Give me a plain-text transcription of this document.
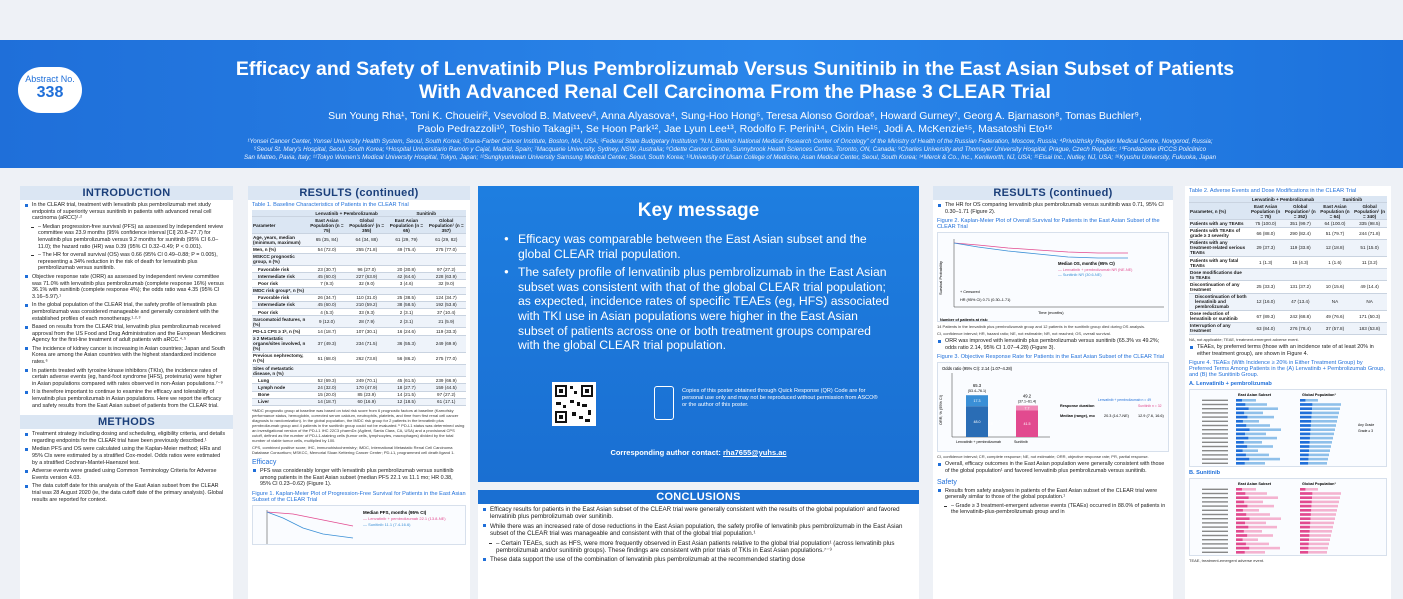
Abstract No.
338
Efficacy and Safety of Lenvatinib Plus Pembrolizumab Versus Sunitinib in the East Asian Subset of Patients
With Advanced Renal Cell Carcinoma From the Phase 3 CLEAR Trial
Sun Young Rha¹, Toni K. Choueiri², Vsevolod B. Matveev³, Anna Alyasova⁴, Sung-Hoo Hong⁵, Teresa Alonso Gordoa⁶, Howard Gurney⁷, Georg A. Bjarnason⁸, Tomas Buchler⁹,
Paolo Pedrazzoli¹⁰, Toshio Takagi¹¹, Se Hoon Park¹², Jae Lyun Lee¹³, Rodolfo F. Perini¹⁴, Cixin He¹⁵, Jodi A. McKenzie¹⁵, Masatoshi Eto¹⁶
¹Yonsei Cancer Center, Yonsei University Health System, Seoul, South Korea; ²Dana-Farber Cancer Institute, Boston, MA, USA; ³Federal State Budgetary Institution "N.N. Blokhin National Medical Research Center of Oncology" of the Ministry of Health of the Russian Federation, Moscow, Russia; ⁴Privolzhsky Region Medical Centre, Novgorod, Russia;
⁵Seoul St. Mary's Hospital, Seoul, South Korea; ⁶Hospital Universitario Ramón y Cajal, Madrid, Spain; ⁷Macquarie University, Sydney, NSW, Australia; ⁸Odette Cancer Centre, Sunnybrook Health Sciences Centre, Toronto, ON, Canada; ⁹Charles University and Thomayer University Hospital, Prague, Czech Republic; ¹⁰Fondazione IRCCS Policlinico
San Matteo, Pavia, Italy; ¹¹Tokyo Women's Medical University Hospital, Tokyo, Japan; ¹²Sungkyunkwan University Samsung Medical Center, Seoul, South Korea; ¹³University of Ulsan College of Medicine, Asan Medical Center, Seoul, South Korea; ¹⁴Merck & Co., Inc., Kenilworth, NJ, USA; ¹⁵Eisai Inc., Nutley, NJ, USA; ¹⁶Kyushu University, Fukuoka, Japan
INTRODUCTION
In the CLEAR trial, treatment with lenvatinib plus pembrolizumab met study endpoints of superiority versus sunitinib in patients with advanced renal cell carcinoma (aRCC)¹·²
– Median progression-free survival (PFS) as assessed by independent review committee was 23.9 months (95% confidence interval [CI] 20.8–27.7) for lenvatinib plus pembrolizumab versus 9.2 months for sunitinib (95% CI 6.0–11.0); the hazard ratio (HR) was 0.39 (95% CI 0.32–0.49; P < 0.001).
– The HR for overall survival (OS) was 0.66 (95% CI 0.49–0.88; P = 0.005), representing a 34% reduction in the risk of death for lenvatinib plus pembrolizumab versus sunitinib.
Objective response rate (ORR) as assessed by independent review committee was 71.0% with lenvatinib plus pembrolizumab (complete response 16%) versus 36.1% with sunitinib (complete response 4%); the odds ratio was 4.35 (95% CI 3.16–5.97).¹
In the global population of the CLEAR trial, the safety profile of lenvatinib plus pembrolizumab was considered manageable and generally consistent with the established profiles of each monotherapy.¹·²·³
Based on results from the CLEAR trial, lenvatinib plus pembrolizumab received approval from the US Food and Drug Administration and the European Medicines Agency for the first-line treatment of adult patients with aRCC.⁴·⁵
The incidence of kidney cancer is increasing in Asian countries; Japan and South Korea are among the Asian countries with the highest standardized incidence rates.⁶
In patients treated with tyrosine kinase inhibitors (TKIs), the incidence rates of certain adverse events (eg, hand-foot syndrome [HFS], proteinuria) were higher in Asian populations compared with rates observed in non-Asian populations.⁷⁻⁹
It is therefore important to continue to examine the efficacy and tolerability of lenvatinib plus pembrolizumab in Asian populations. Here we report the efficacy and safety results from the East Asian subset of patients from the CLEAR trial.
METHODS
Treatment strategy including dosing and scheduling, eligibility criteria, and details regarding endpoints for the CLEAR trial have been previously described.¹
Median PFS and OS were calculated using the Kaplan-Meier method; HRs and 95% CIs were estimated by a stratified Cox-model. Odds ratios were estimated by a stratified Cochran-Mantel-Haenszel test.
Adverse events were graded using Common Terminology Criteria for Adverse Events version 4.03.
The data cutoff date for this analysis of the East Asian subset from the CLEAR trial was 28 August 2020 (ie, the data cutoff date of the primary analysis). Global results are reported for context.
RESULTS (continued)
Table 1. Baseline Characteristics of Patients in the CLEAR Trial
	Lenvatinib + Pembrolizumab		Sunitinib	
Parameter	East Asian Population (n = 75)	Global Population¹ (n = 355)	East Asian Population (n = 65)	Global Population¹ (n = 357)
Age, years, median (minimum, maximum)	65 (35, 84)	64 (34, 88)	61 (29, 79)	61 (29, 82)
Men, n (%)	54 (72.0)	255 (71.8)	49 (75.4)	275 (77.0)
MSKCC prognostic group, n (%)				
Favorable risk	23 (30.7)	96 (27.0)	20 (30.8)	97 (27.2)
Intermediate risk	45 (60.0)	227 (63.9)	42 (64.6)	228 (63.9)
Poor risk	7 (9.3)	32 (9.0)	3 (4.6)	32 (9.0)
IMDC risk group*, n (%)				
Favorable risk	26 (34.7)	110 (31.0)	25 (38.5)	124 (34.7)
Intermediate risk	45 (60.0)	210 (59.2)	38 (58.5)	192 (53.8)
Poor risk	4 (5.3)	33 (9.3)	2 (3.1)	37 (10.4)
Sarcomatoid features, n (%)	9 (12.0)	28 (7.9)	2 (3.1)	21 (5.9)
PD-L1 CPS ≥ 1ᵇ, n (%)	14 (18.7)	107 (30.1)	16 (24.6)	119 (33.3)
≥ 2 Metastatic organs/sites involved, n (%)	37 (49.3)	234 (71.5)	36 (55.3)	249 (69.9)
Previous nephrectomy, n (%)	51 (68.0)	262 (73.8)	56 (86.2)	275 (77.0)
Sites of metastatic disease, n (%)				
Lung	52 (69.3)	249 (70.1)	45 (61.5)	239 (66.9)
Lymph node	24 (32.0)	170 (47.9)	18 (27.7)	159 (44.5)
Bone	15 (20.0)	85 (23.9)	14 (21.5)	97 (27.2)
Liver	14 (18.7)	60 (16.9)	12 (18.5)	61 (17.1)
ᵃIMDC prognostic group at baseline was based on total risk score from 6 prognostic factors at baseline (Karnofsky performance status, hemoglobin, corrected serum calcium, neutrophils, platelets, and time from first renal cell cancer diagnosis to randomization). In the global population, the IMDC risk group for 2 patients in the lenvatinib plus pembrolizumab group and 4 patients in the sunitinib group could not be evaluated. ᵇ PD-L1 status was determined using an investigational version of the PD-L1 IHC 22C3 pharmDx (Agilent, Santa Clara, CA, USA) and a provisional CPS cutoff, defined as the number of PD-L1-staining cells (tumor cells, lymphocytes, macrophages) divided by the total number of viable tumor cells, multiplied by 100.
CPS, combined positive score; IHC, immunohistochemistry; IMDC, International Metastatic Renal Cell Carcinoma Database Consortium; MSKCC, Memorial Sloan Kettering Cancer Center; PD-L1, programmed cell death ligand 1.
Efficacy
PFS was considerably longer with lenvatinib plus pembrolizumab versus sunitinib among patients in the East Asian subset (median PFS 22.1 vs 11.1 mo; HR 0.38, 95% CI 0.23–0.62) (Figure 1).
Figure 1. Kaplan-Meier Plot of Progression-Free Survival for Patients in the East Asian Subset of the CLEAR Trial
Median PFS, months (95% CI)
— Lenvatinib + pembrolizumab 22.1 (13.8-NE)
— Sunitinib 11.1 (7.4-16.6)
Key message
● Efficacy was comparable between the East Asian subset and the global CLEAR trial population.
● The safety profile of lenvatinib plus pembrolizumab in the East Asian subset was consistent with that of the global CLEAR trial population; as expected, incidence rates of specific TEAEs (eg, HFS) associated with TKI use in Asian populations were higher in the East Asian subset of patients across one or both treatment groups compared with the global CLEAR trial population.
Copies of this poster obtained through Quick Response (QR) Code are for personal use only and may not be reproduced without permission from ASCO® or the author of this poster.
Corresponding author contact: rha7655@yuhs.ac
CONCLUSIONS
Efficacy results for patients in the East Asian subset of the CLEAR trial were generally consistent with the results of the global population¹ and favored lenvatinib plus pembrolizumab over sunitinib.
While there was an increased rate of dose reductions in the East Asian population, the safety profile of lenvatinib plus pembrolizumab in the East Asian subset of the CLEAR trial was manageable and consistent with that of the global trial population.¹
– Certain TEAEs, such as HFS, were more frequently observed in East Asian patients relative to the global trial population¹ (across lenvatinib plus pembrolizumab and/or sunitinib groups). These findings are consistent with prior trials of TKIs in East Asian populations.⁷⁻⁹
These data support the use of the combination of lenvatinib plus pembrolizumab at the recommended starting dose
RESULTS (continued)
The HR for OS comparing lenvatinib plus pembrolizumab versus sunitinib was 0.71, 95% CI 0.30–1.71 (Figure 2).
Figure 2. Kaplan-Meier Plot of Overall Survival for Patients in the East Asian Subset of the CLEAR Trial
Survival Probability	Median OS, months (95% CI)
— Lenvatinib + pembrolizumab NR (NE-NE)
— Sunitinib NR (30.6-NE)
+ Censored
HR (95% CI) 0.71 (0.30–1.71)
Time (months)
Number of patients at risk:
14 Patients in the lenvatinib plus pembrolizumab group and 12 patients in the sunitinib group died during OS analysis.
CI, confidence interval; HR, hazard ratio; NE, not estimable; NR, not reached; OS, overall survival.
ORR was improved with lenvatinib plus pembrolizumab versus sunitinib (65.3% vs 49.2%; odds ratio 2.14, 95% CI 1.07–4.28) (Figure 3).
Figure 3. Objective Response Rate for Patients in the East Asian Subset of the CLEAR Trial
Odds ratio (95% CI): 2.14 (1.07–4.28)
ORR, % (95% CI)
65.3
(53.4–76.1)
49.2
(37.1–61.4)
17.3
48.0
7.7
41.5
CR
PR
Lenvatinib + pembrolizumab	Sunitinib
Response duration
Lenvatinib + pembrolizumab n = 49
Sunitinib n = 32
Median (range), mo 20.3 (14.7-NE) 12.9 (7.6, 16.6)
CI, confidence interval; CR, complete response; NE, not estimable; ORR, objective response rate; PR, partial response.
Overall, efficacy outcomes in the East Asian population were generally consistent with those of the global population¹ and favored lenvatinib plus pembrolizumab versus sunitinib.
Safety
Results from safety analyses in patients of the East Asian subset of the CLEAR trial were generally similar to those of the global population.¹
– Grade ≥ 3 treatment-emergent adverse events (TEAEs) occurred in 88.0% of patients in the lenvatinib-plus-pembrolizumab group and in
Table 2. Adverse Events and Dose Modifications in the CLEAR Trial
	Lenvatinib + Pembrolizumab		Sunitinib	
Parameter, n (%)	East Asian Population (n = 75)	Global Population¹ (n = 352)	East Asian Population (n = 64)	Global Population¹ (n = 340)
Patients with any TEAEs	75 (100.0)	351 (99.7)	64 (100.0)	335 (98.5)
Patients with TEAEs of grade ≥ 3 severity	66 (88.0)	290 (82.4)	51 (79.7)	244 (71.8)
Patients with any treatment-related serious TEAEs	29 (37.3)	119 (33.8)	12 (18.8)	51 (15.0)
Patients with any fatal TEAEs	1 (1.3)	15 (4.3)	1 (1.6)	11 (3.2)
Dose modifications due to TEAEs				
Discontinuation of any treatment	25 (33.3)	131 (37.2)	10 (15.6)	49 (14.4)
Discontinuation of both lenvatinib and pembrolizumab	12 (16.0)	47 (13.4)	NA	NA
Dose reduction of lenvatinib or sunitinib	67 (89.3)	242 (68.8)	49 (76.6)	171 (50.3)
Interruption of any treatment	63 (84.0)	276 (78.4)	37 (57.8)	183 (53.8)
NA, not applicable; TEAE, treatment-emergent adverse event.
TEAEs, by preferred terms (those with an incidence rate of at least 20% in either treatment group), are shown in Figure 4.
Figure 4. TEAEs (With Incidence ≥ 20% in Either Treatment Group) by Preferred Terms Among Patients in the (A) Lenvatinib + Pembrolizumab Group, and (B) the Sunitinib Group.
A. Lenvatinib + pembrolizumab
East Asian Subset	Global Population¹
Any Grade
Grade ≥ 3
B. Sunitinib
East Asian Subset	Global Population¹
TEAE, treatment-emergent adverse event.
